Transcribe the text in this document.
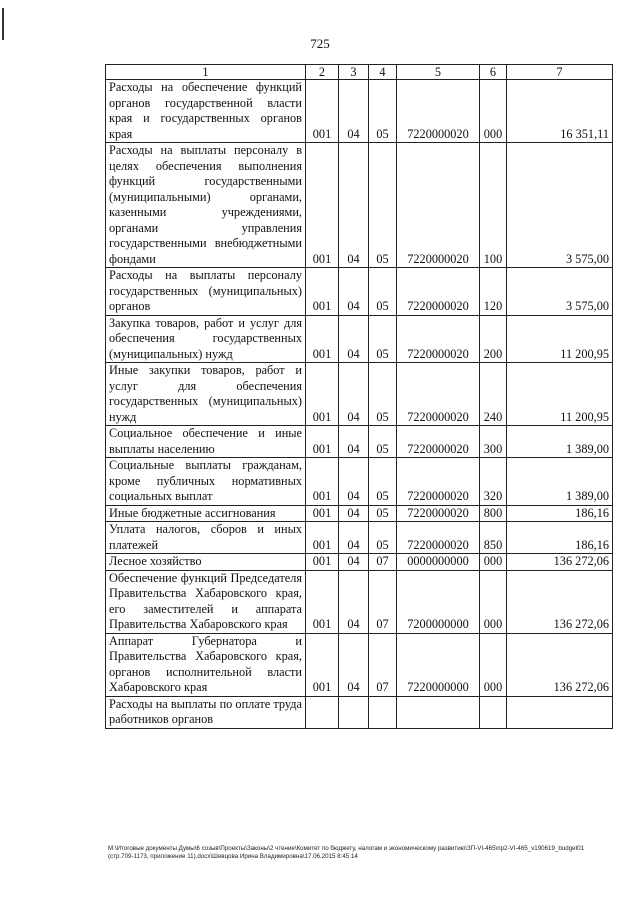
725
1	2	3	4	5	6	7
Расходы на обеспечение функций органов государственной власти края и государственных органов края	001	04	05	7220000020	000	16 351,11
Расходы на выплаты персоналу в целях обеспечения выполнения функций государственными (муниципальными) органами, казенными учреждениями, органами управления государственными внебюджетными фондами	001	04	05	7220000020	100	3 575,00
Расходы на выплаты персоналу государственных (муниципальных) органов	001	04	05	7220000020	120	3 575,00
Закупка товаров, работ и услуг для обеспечения государственных (муниципальных) нужд	001	04	05	7220000020	200	11 200,95
Иные закупки товаров, работ и услуг для обеспечения государственных (муниципальных) нужд	001	04	05	7220000020	240	11 200,95
Социальное обеспечение и иные выплаты населению	001	04	05	7220000020	300	1 389,00
Социальные выплаты гражданам, кроме публичных нормативных социальных выплат	001	04	05	7220000020	320	1 389,00
Иные бюджетные ассигнования	001	04	05	7220000020	800	186,16
Уплата налогов, сборов и иных платежей	001	04	05	7220000020	850	186,16
Лесное хозяйство	001	04	07	0000000000	000	136 272,06
Обеспечение функций Председателя Правительства Хабаровского края, его заместителей и аппарата Правительства Хабаровского края	001	04	07	7200000000	000	136 272,06
Аппарат Губернатора и Правительства Хабаровского края, органов исполнительной власти Хабаровского края	001	04	07	7220000000	000	136 272,06
Расходы на выплаты по оплате труда работников органов						
M:\Итоговые документы Думы\6 созыв\Проекты\Законы\2 чтение\Комитет по бюджету, налогам и экономическому развитию\ЗП-VI-465\пр2-VI-465_v190619_budget01 (стр.709-1173, приложение 11).docx\Шевцова Ирина Владимировна\17.06.2015 8:45:14
